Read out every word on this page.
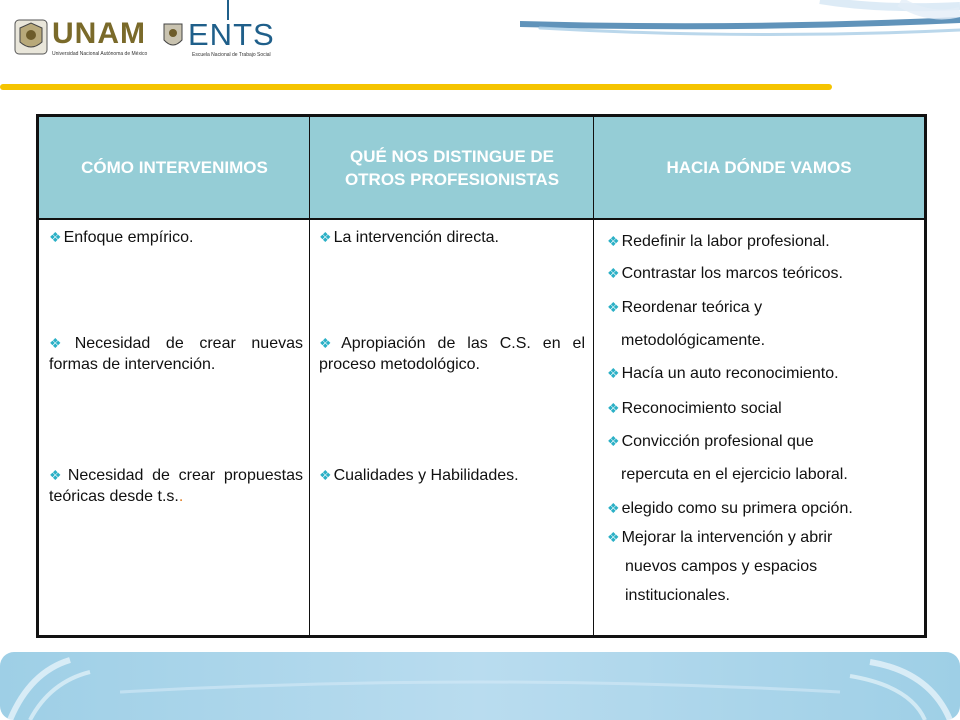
UNAM
Universidad Nacional Autónoma de México
ENTS
Escuela Nacional de Trabajo Social
CÓMO INTERVENIMOS
QUÉ NOS DISTINGUE DE OTROS PROFESIONISTAS
HACIA DÓNDE VAMOS
❖ Enfoque empírico.
❖ Necesidad de crear nuevas formas de intervención.
❖ Necesidad de crear propuestas teóricas desde t.s..
❖ La intervención directa.
❖ Apropiación de las C.S. en el proceso metodológico.
❖ Cualidades y Habilidades.
❖ Redefinir la labor profesional.
❖ Contrastar los marcos teóricos.
❖ Reordenar teórica y
metodológicamente.
❖ Hacía un auto reconocimiento.
❖ Reconocimiento social
❖ Convicción profesional que
repercuta en el ejercicio laboral.
❖ elegido como su primera opción.
❖ Mejorar la intervención y abrir
nuevos campos y espacios
institucionales.
